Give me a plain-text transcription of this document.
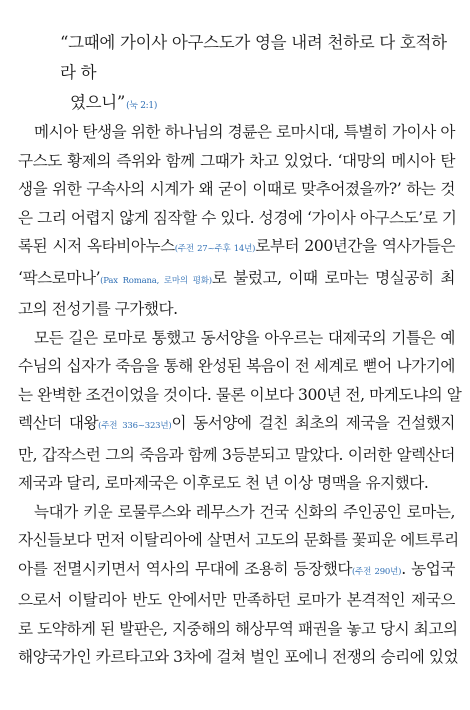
“그때에 가이사 아구스도가 영을 내려 천하로 다 호적하라 하
였으니”(눅 2:1)
메시아 탄생을 위한 하나님의 경륜은 로마시대, 특별히 가이사 아
구스도 황제의 즉위와 함께 그때가 차고 있었다. ‘대망의 메시아 탄
생을 위한 구속사의 시계가 왜 굳이 이때로 맞추어졌을까?’ 하는 것
은 그리 어렵지 않게 짐작할 수 있다. 성경에 ‘가이사 아구스도’로 기
록된 시저 옥타비아누스(주전 27~주후 14년)로부터 200년간을 역사가들은
‘팍스로마나’(Pax Romana, 로마의 평화)로 불렀고, 이때 로마는 명실공히 최
고의 전성기를 구가했다.
모든 길은 로마로 통했고 동서양을 아우르는 대제국의 기틀은 예
수님의 십자가 죽음을 통해 완성된 복음이 전 세계로 뻗어 나가기에
는 완벽한 조건이었을 것이다. 물론 이보다 300년 전, 마게도냐의 알
렉산더 대왕(주전 336~323년)이 동서양에 걸친 최초의 제국을 건설했지
만, 갑작스런 그의 죽음과 함께 3등분되고 말았다. 이러한 알렉산더
제국과 달리, 로마제국은 이후로도 천 년 이상 명맥을 유지했다.
늑대가 키운 로물루스와 레무스가 건국 신화의 주인공인 로마는,
자신들보다 먼저 이탈리아에 살면서 고도의 문화를 꽃피운 에트루리
아를 전멸시키면서 역사의 무대에 조용히 등장했다(주전 290년). 농업국
으로서 이탈리아 반도 안에서만 만족하던 로마가 본격적인 제국으
로 도약하게 된 발판은, 지중해의 해상무역 패권을 놓고 당시 최고의
해양국가인 카르타고와 3차에 걸쳐 벌인 포에니 전쟁의 승리에 있었
